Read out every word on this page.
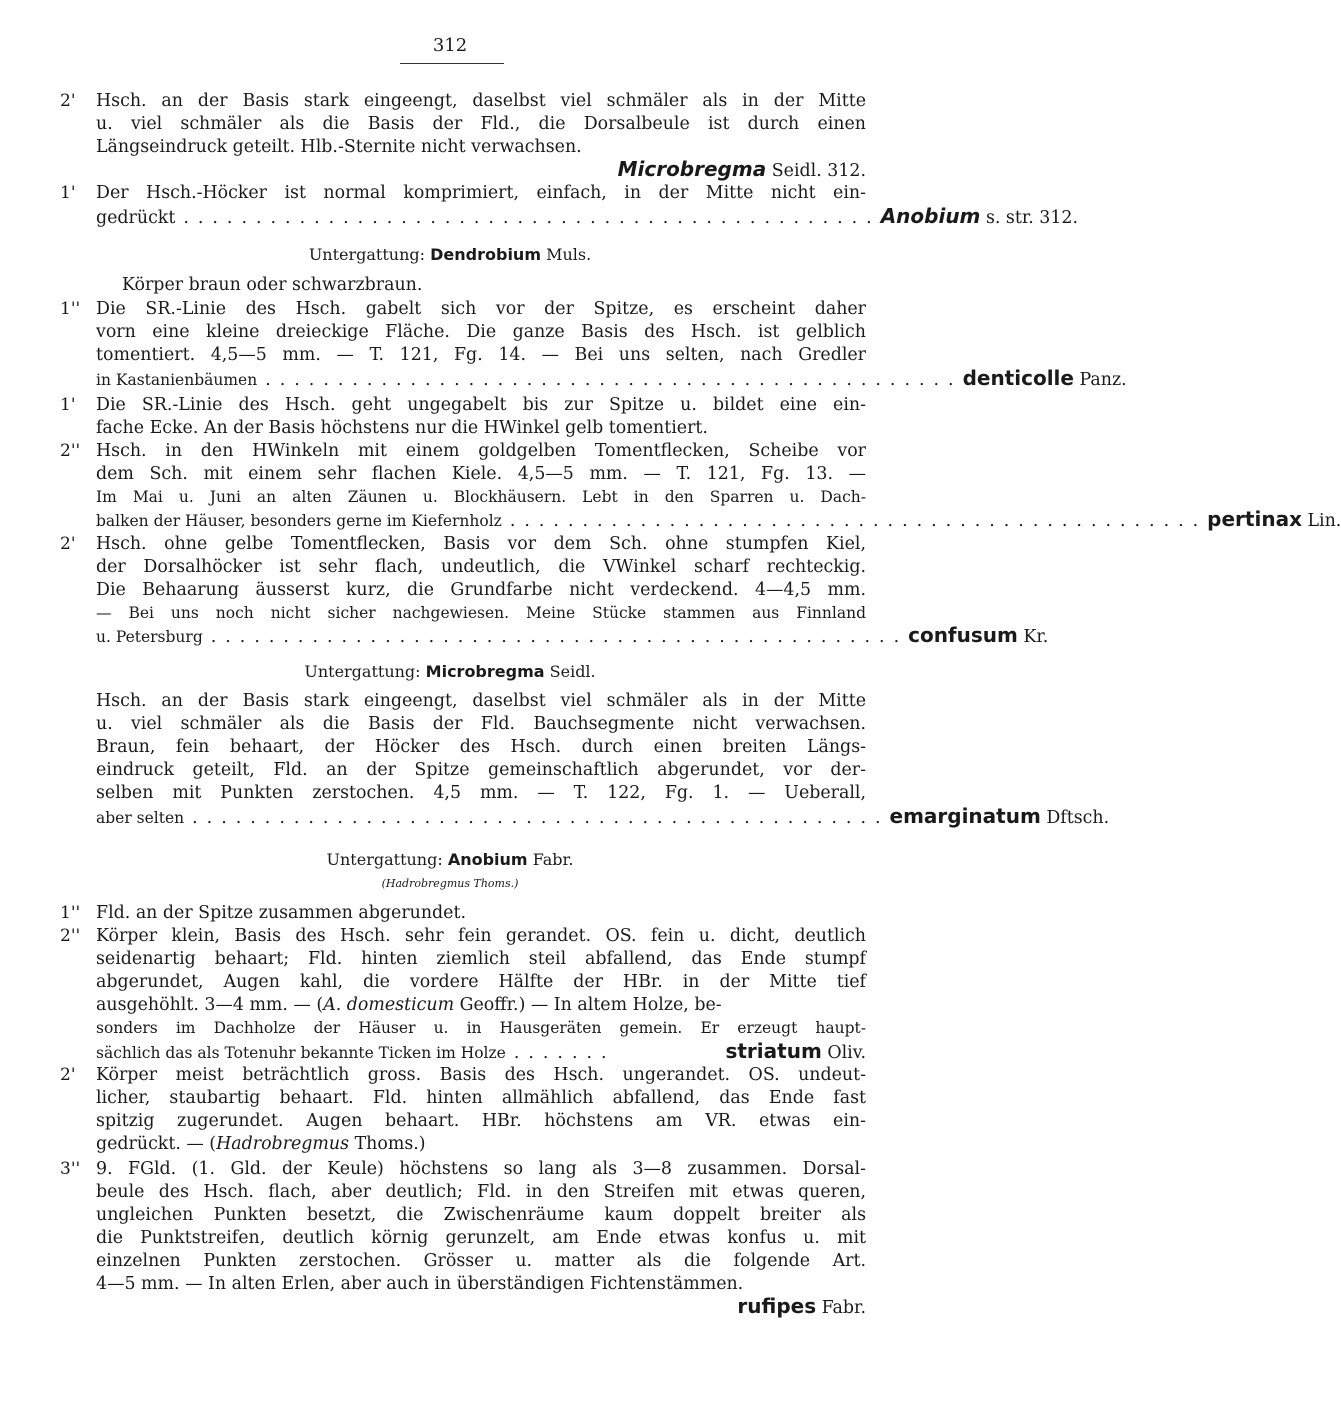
312
2' Hsch. an der Basis stark eingeengt, daselbst viel schmäler als in der Mitte
u. viel schmäler als die Basis der Fld., die Dorsalbeule ist durch einen
Längseindruck geteilt. Hlb.-Sternite nicht verwachsen.
Microbregma Seidl. 312.
1' Der Hsch.-Höcker ist normal komprimiert, einfach, in der Mitte nicht ein-
gedrückt ................................................ Anobium
s. str. 312.
Untergattung: Dendrobium Muls.
Körper braun oder schwarzbraun.
1'' Die SR.-Linie des Hsch. gabelt sich vor der Spitze, es erscheint daher
vorn eine kleine dreieckige Fläche. Die ganze Basis des Hsch. ist gelblich
tomentiert. 4,5—5 mm. — T. 121, Fg. 14. — Bei uns selten, nach Gredler
in Kastanienbäumen ................................................ denticolle
Panz.
1' Die SR.-Linie des Hsch. geht ungegabelt bis zur Spitze u. bildet eine ein-
fache Ecke. An der Basis höchstens nur die HWinkel gelb tomentiert.
2'' Hsch. in den HWinkeln mit einem goldgelben Tomentflecken, Scheibe vor
dem Sch. mit einem sehr flachen Kiele. 4,5—5 mm. — T. 121, Fg. 13. —
Im Mai u. Juni an alten Zäunen u. Blockhäusern. Lebt in den Sparren u. Dach-
balken der Häuser, besonders gerne im Kiefernholz ................................................ pertinax
Lin.
2' Hsch. ohne gelbe Tomentflecken, Basis vor dem Sch. ohne stumpfen Kiel,
der Dorsalhöcker ist sehr flach, undeutlich, die VWinkel scharf rechteckig.
Die Behaarung äusserst kurz, die Grundfarbe nicht verdeckend. 4—4,5 mm.
— Bei uns noch nicht sicher nachgewiesen. Meine Stücke stammen aus Finnland
u. Petersburg ................................................ confusum
Kr.
Untergattung: Microbregma Seidl.
Hsch. an der Basis stark eingeengt, daselbst viel schmäler als in der Mitte
u. viel schmäler als die Basis der Fld. Bauchsegmente nicht verwachsen.
Braun, fein behaart, der Höcker des Hsch. durch einen breiten Längs-
eindruck geteilt, Fld. an der Spitze gemeinschaftlich abgerundet, vor der-
selben mit Punkten zerstochen. 4,5 mm. — T. 122, Fg. 1. — Ueberall,
aber selten ................................................ emarginatum
Dftsch.
Untergattung: Anobium Fabr.
(Hadrobregmus Thoms.)
1'' Fld. an der Spitze zusammen abgerundet.
2'' Körper klein, Basis des Hsch. sehr fein gerandet. OS. fein u. dicht, deutlich
seidenartig behaart; Fld. hinten ziemlich steil abfallend, das Ende stumpf
abgerundet, Augen kahl, die vordere Hälfte der HBr. in der Mitte tief
ausgehöhlt. 3—4 mm. — (A. domesticum Geoffr.) — In altem Holze, be-
sonders im Dachholze der Häuser u. in Hausgeräten gemein. Er erzeugt haupt-
sächlich das als Totenuhr bekannte Ticken im Holze .......	striatum
Oliv.
2' Körper meist beträchtlich gross. Basis des Hsch. ungerandet. OS. undeut-
licher, staubartig behaart. Fld. hinten allmählich abfallend, das Ende fast
spitzig zugerundet. Augen behaart. HBr. höchstens am VR. etwas ein-
gedrückt. — (Hadrobregmus Thoms.)
3'' 9. FGld. (1. Gld. der Keule) höchstens so lang als 3—8 zusammen. Dorsal-
beule des Hsch. flach, aber deutlich; Fld. in den Streifen mit etwas queren,
ungleichen Punkten besetzt, die Zwischenräume kaum doppelt breiter als
die Punktstreifen, deutlich körnig gerunzelt, am Ende etwas konfus u. mit
einzelnen Punkten zerstochen. Grösser u. matter als die folgende Art.
4—5 mm. — In alten Erlen, aber auch in überständigen Fichtenstämmen.
rufipes Fabr.
